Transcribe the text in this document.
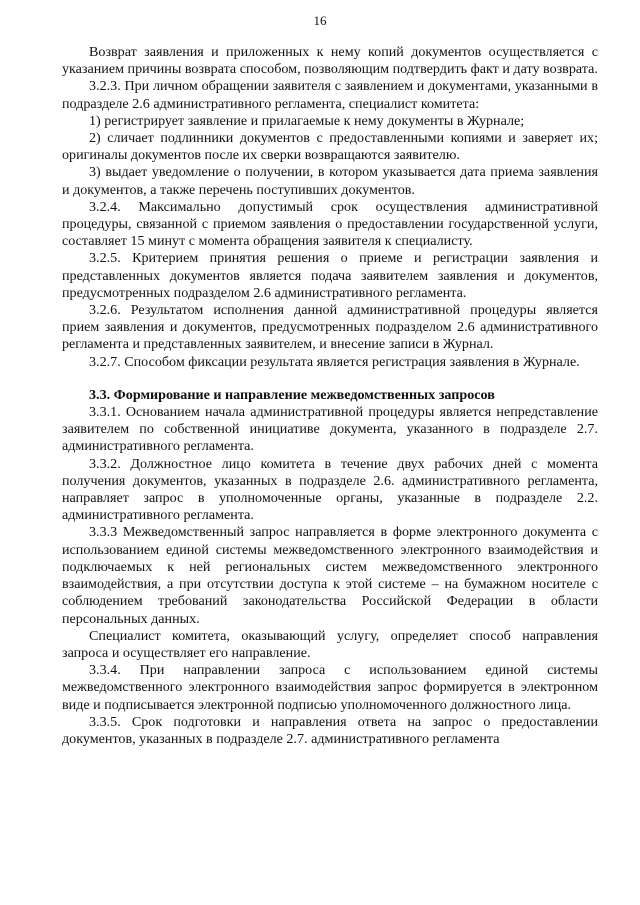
16

Возврат заявления и приложенных к нему копий документов осуществляется с указанием причины возврата способом, позволяющим подтвердить факт и дату возврата.

3.2.3. При личном обращении заявителя с заявлением и документами, указанными в подразделе 2.6 административного регламента, специалист комитета:

1) регистрирует заявление и прилагаемые к нему документы в Журнале;

2) сличает подлинники документов с предоставленными копиями и заверяет их; оригиналы документов после их сверки возвращаются заявителю.

3) выдает уведомление о получении, в котором указывается дата приема заявления и документов, а также перечень поступивших документов.

3.2.4. Максимально допустимый срок осуществления административной процедуры, связанной с приемом заявления о предоставлении государственной услуги, составляет 15 минут с момента обращения заявителя к специалисту.

3.2.5. Критерием принятия решения о приеме и регистрации заявления и представленных документов является подача заявителем заявления и документов, предусмотренных подразделом 2.6 административного регламента.

3.2.6. Результатом исполнения данной административной процедуры является прием заявления и документов, предусмотренных подразделом 2.6 административного регламента и представленных заявителем, и внесение записи в Журнал.

3.2.7. Способом фиксации результата является регистрация заявления в Журнале.

3.3. Формирование и направление межведомственных запросов

3.3.1. Основанием начала административной процедуры является непредставление заявителем по собственной инициативе документа, указанного в подразделе 2.7. административного регламента.

3.3.2. Должностное лицо комитета в течение двух рабочих дней с момента получения документов, указанных в подразделе 2.6. административного регламента, направляет запрос в уполномоченные органы, указанные в подразделе 2.2. административного регламента.

3.3.3 Межведомственный запрос направляется в форме электронного документа с использованием единой системы межведомственного электронного взаимодействия и подключаемых к ней региональных систем межведомственного электронного взаимодействия, а при отсутствии доступа к этой системе – на бумажном носителе с соблюдением требований законодательства Российской Федерации в области персональных данных.

Специалист комитета, оказывающий услугу, определяет способ направления запроса и осуществляет его направление.

3.3.4. При направлении запроса с использованием единой системы межведомственного электронного взаимодействия запрос формируется в электронном виде и подписывается электронной подписью уполномоченного должностного лица.

3.3.5. Срок подготовки и направления ответа на запрос о предоставлении документов, указанных в подразделе 2.7. административного регламента
